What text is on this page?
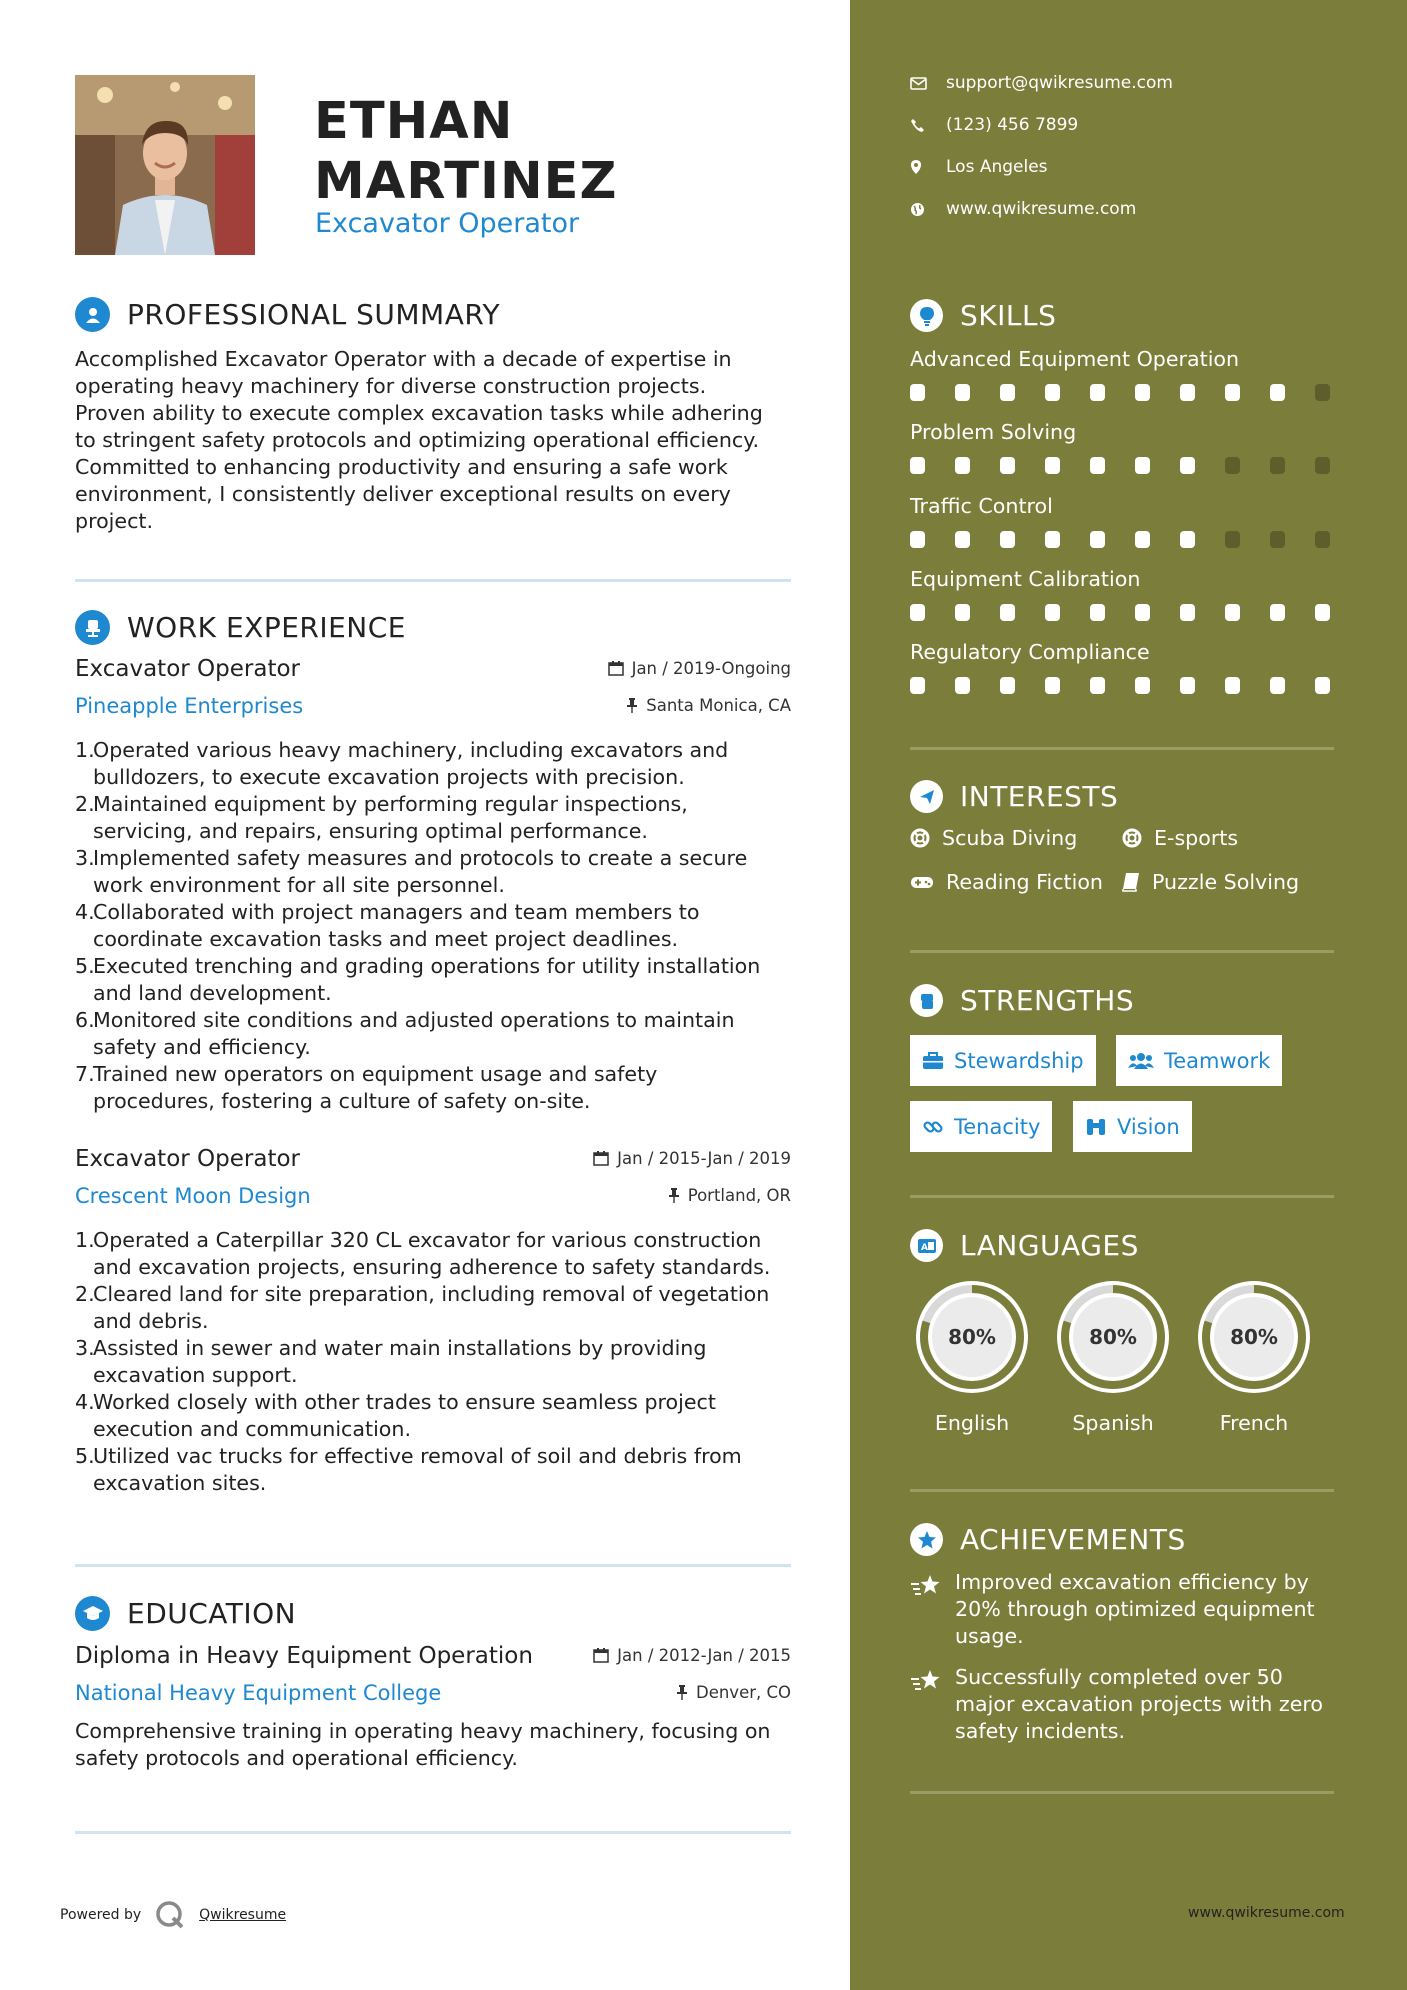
ETHAN
MARTINEZ
Excavator Operator
PROFESSIONAL SUMMARY
Accomplished Excavator Operator with a decade of expertise in
operating heavy machinery for diverse construction projects.
Proven ability to execute complex excavation tasks while adhering
to stringent safety protocols and optimizing operational efficiency.
Committed to enhancing productivity and ensuring a safe work
environment, I consistently deliver exceptional results on every
project.
WORK EXPERIENCE
Excavator Operator	Jan / 2019-Ongoing
Pineapple Enterprises	Santa Monica, CA
1.
Operated various heavy machinery, including excavators and
bulldozers, to execute excavation projects with precision.
2.
Maintained equipment by performing regular inspections,
servicing, and repairs, ensuring optimal performance.
3.
Implemented safety measures and protocols to create a secure
work environment for all site personnel.
4.
Collaborated with project managers and team members to
coordinate excavation tasks and meet project deadlines.
5.
Executed trenching and grading operations for utility installation
and land development.
6.
Monitored site conditions and adjusted operations to maintain
safety and efficiency.
7.
Trained new operators on equipment usage and safety
procedures, fostering a culture of safety on-site.
Excavator Operator	Jan / 2015-Jan / 2019
Crescent Moon Design	Portland, OR
1.
Operated a Caterpillar 320 CL excavator for various construction
and excavation projects, ensuring adherence to safety standards.
2.
Cleared land for site preparation, including removal of vegetation
and debris.
3.
Assisted in sewer and water main installations by providing
excavation support.
4.
Worked closely with other trades to ensure seamless project
execution and communication.
5.
Utilized vac trucks for effective removal of soil and debris from
excavation sites.
EDUCATION
Diploma in Heavy Equipment Operation	Jan / 2012-Jan / 2015
National Heavy Equipment College	Denver, CO
Comprehensive training in operating heavy machinery, focusing on
safety protocols and operational efficiency.
Powered by	Qwikresume
support@qwikresume.com
(123) 456 7899
Los Angeles
www.qwikresume.com
SKILLS
Advanced Equipment Operation
Problem Solving
Traffic Control
Equipment Calibration
Regulatory Compliance
INTERESTS
Scuba Diving	E-sports
Reading Fiction Puzzle Solving
STRENGTHS
Stewardship	Teamwork
Tenacity	Vision
A LANGUAGES
80%
English
80%
Spanish
80%
French
ACHIEVEMENTS
Improved excavation efficiency by
20% through optimized equipment
usage.
Successfully completed over 50
major excavation projects with zero
safety incidents.
www.qwikresume.com
